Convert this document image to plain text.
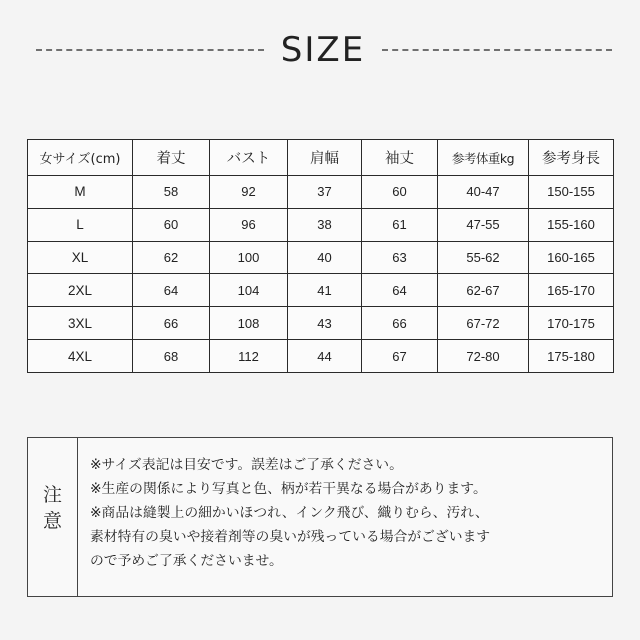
SIZE
女サイズ(cm)	着丈	バスト	肩幅	袖丈	参考体重kg	参考身長
M	58	92	37	60	40-47	150-155
L	60	96	38	61	47-55	155-160
XL	62	100	40	63	55-62	160-165
2XL	64	104	41	64	62-67	165-170
3XL	66	108	43	66	67-72	170-175
4XL	68	112	44	67	72-80	175-180
注
意
※サイズ表記は目安です。誤差はご了承ください。
※生産の関係により写真と色、柄が若干異なる場合があります。
※商品は縫製上の細かいほつれ、インク飛び、織りむら、汚れ、
素材特有の臭いや接着剤等の臭いが残っている場合がございます
ので予めご了承くださいませ。
